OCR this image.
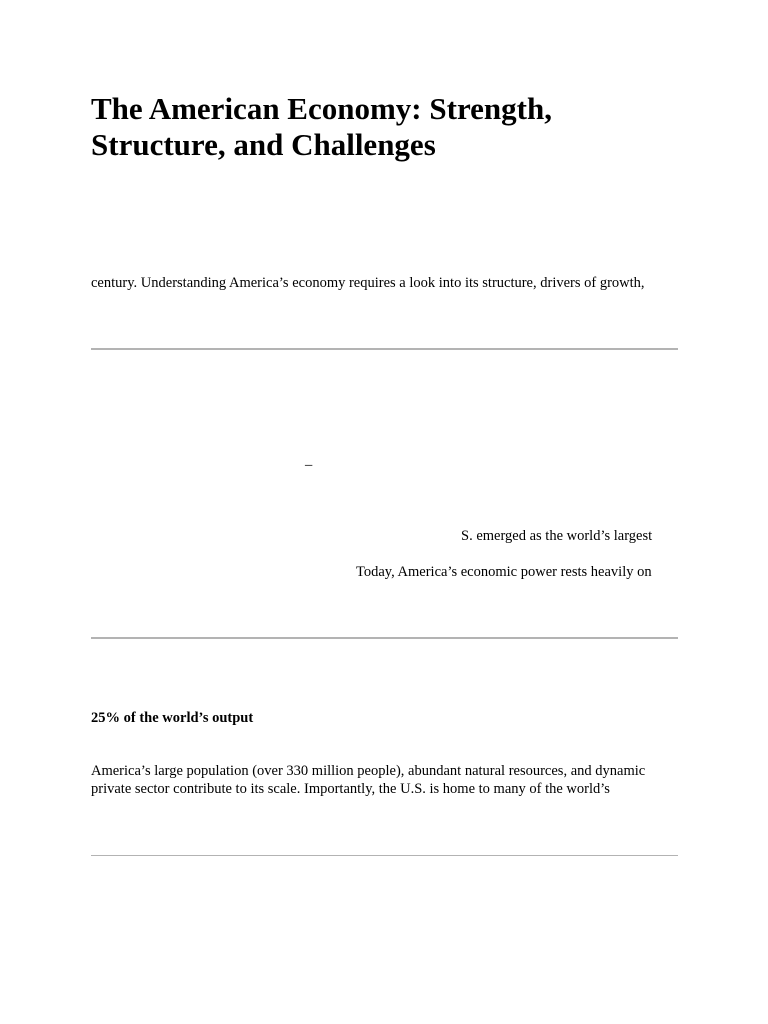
The American Economy: Strength, Structure, and Challenges

century. Understanding America’s economy requires a look into its structure, drivers of growth,

–

S. emerged as the world’s largest

Today, America’s economic power rests heavily on

25% of the world’s output

America’s large population (over 330 million people), abundant natural resources, and dynamic

private sector contribute to its scale. Importantly, the U.S. is home to many of the world’s
